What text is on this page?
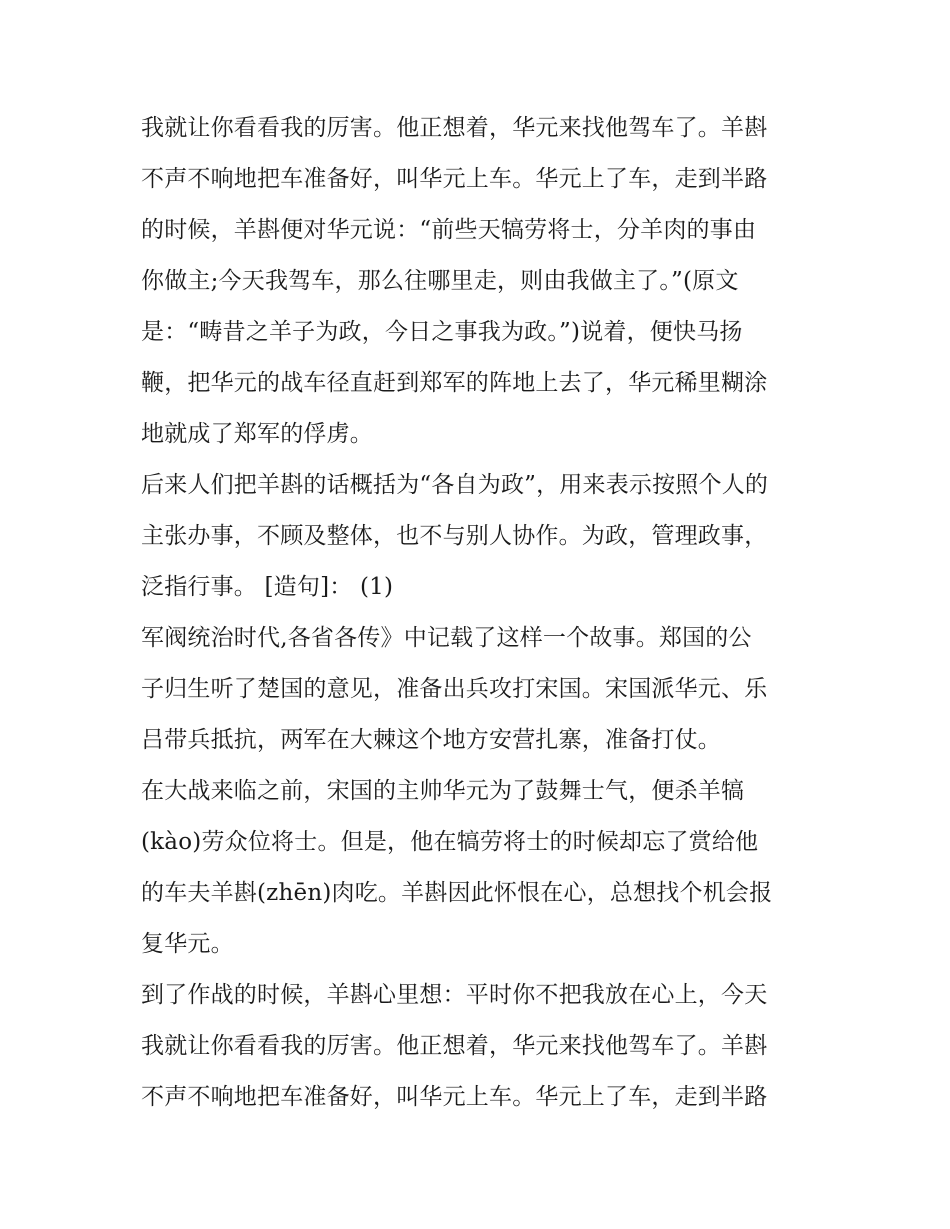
我就让你看看我的厉害。他正想着，华元来找他驾车了。羊斟
不声不响地把车准备好，叫华元上车。华元上了车，走到半路
的时候，羊斟便对华元说：“前些天犒劳将士，分羊肉的事由
你做主;今天我驾车，那么往哪里走，则由我做主了。”(原文
是：“畴昔之羊子为政，今日之事我为政。”)说着，便快马扬
鞭，把华元的战车径直赶到郑军的阵地上去了，华元稀里糊涂
地就成了郑军的俘虏。
后来人们把羊斟的话概括为“各自为政”，用来表示按照个人的
主张办事，不顾及整体，也不与别人协作。为政，管理政事，
泛指行事。 [造句]： (1)
军阀统治时代,各省各传》中记载了这样一个故事。郑国的公
子归生听了楚国的意见，准备出兵攻打宋国。宋国派华元、乐
吕带兵抵抗，两军在大棘这个地方安营扎寨，准备打仗。
在大战来临之前，宋国的主帅华元为了鼓舞士气，便杀羊犒
(kào)劳众位将士。但是，他在犒劳将士的时候却忘了赏给他
的车夫羊斟(zhēn)肉吃。羊斟因此怀恨在心，总想找个机会报
复华元。
到了作战的时候，羊斟心里想：平时你不把我放在心上，今天
我就让你看看我的厉害。他正想着，华元来找他驾车了。羊斟
不声不响地把车准备好，叫华元上车。华元上了车，走到半路
